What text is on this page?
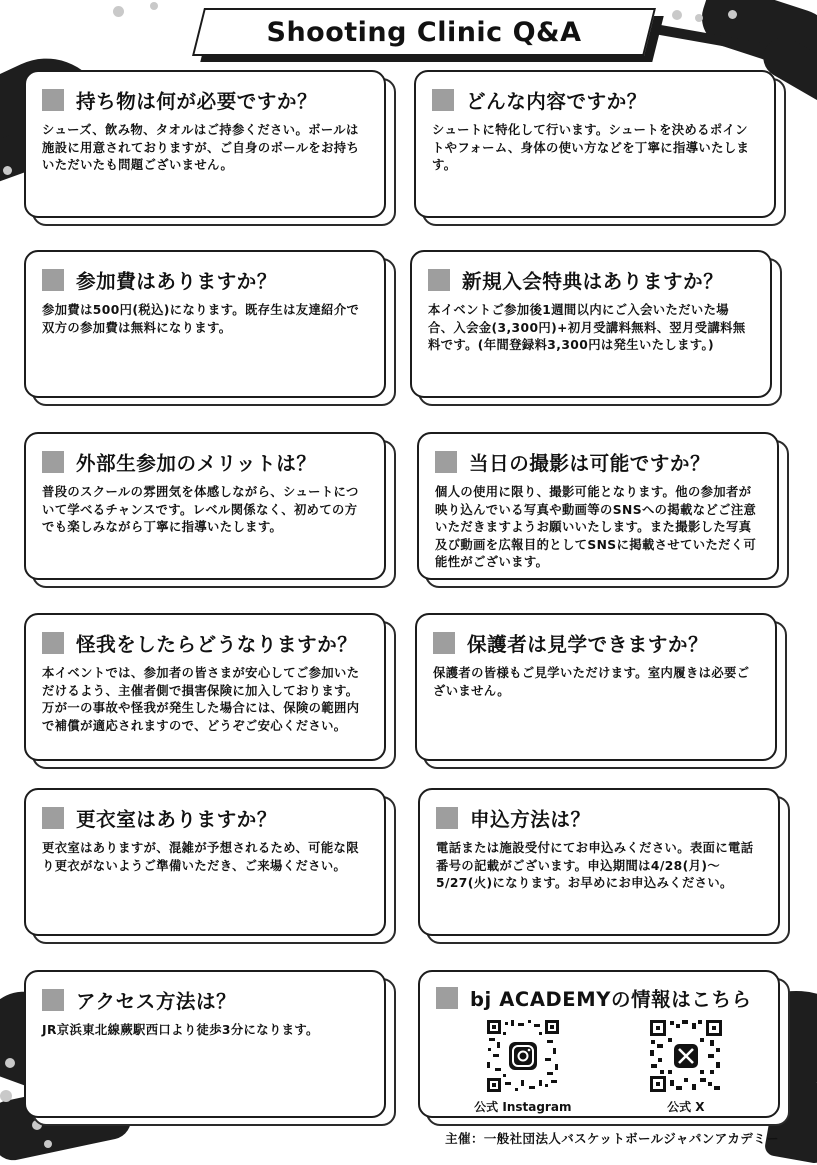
Shooting Clinic Q&A
持ち物は何が必要ですか？
シューズ、飲み物、タオルはご持参ください。ボールは施設に用意されておりますが、ご自身のボールをお持ちいただいたも問題ございません。
どんな内容ですか？
シュートに特化して行います。シュートを決めるポイントやフォーム、身体の使い方などを丁寧に指導いたします。
参加費はありますか？
参加費は500円(税込)になります。既存生は友達紹介で双方の参加費は無料になります。
新規入会特典はありますか？
本イベントご参加後1週間以内にご入会いただいた場合、入会金(3,300円)+初月受講料無料、翌月受講料無料です。(年間登録料3,300円は発生いたします。)
外部生参加のメリットは？
普段のスクールの雰囲気を体感しながら、シュートについて学べるチャンスです。レベル関係なく、初めての方でも楽しみながら丁寧に指導いたします。
当日の撮影は可能ですか？
個人の使用に限り、撮影可能となります。他の参加者が映り込んでいる写真や動画等のSNSへの掲載などご注意いただきますようお願いいたします。また撮影した写真及び動画を広報目的としてSNSに掲載させていただく可能性がございます。
怪我をしたらどうなりますか？
本イベントでは、参加者の皆さまが安心してご参加いただけるよう、主催者側で損害保険に加入しております。万が一の事故や怪我が発生した場合には、保険の範囲内で補償が適応されますので、どうぞご安心ください。
保護者は見学できますか？
保護者の皆様もご見学いただけます。室内履きは必要ございません。
更衣室はありますか？
更衣室はありますが、混雑が予想されるため、可能な限り更衣がないようご準備いただき、ご来場ください。
申込方法は？
電話または施設受付にてお申込みください。表面に電話番号の記載がございます。申込期間は4/28(月)〜5/27(火)になります。お早めにお申込みください。
アクセス方法は？
JR京浜東北線蕨駅西口より徒歩3分になります。
bj ACADEMYの情報はこちら
公式 Instagram	公式 X
主催：一般社団法人バスケットボールジャパンアカデミー
